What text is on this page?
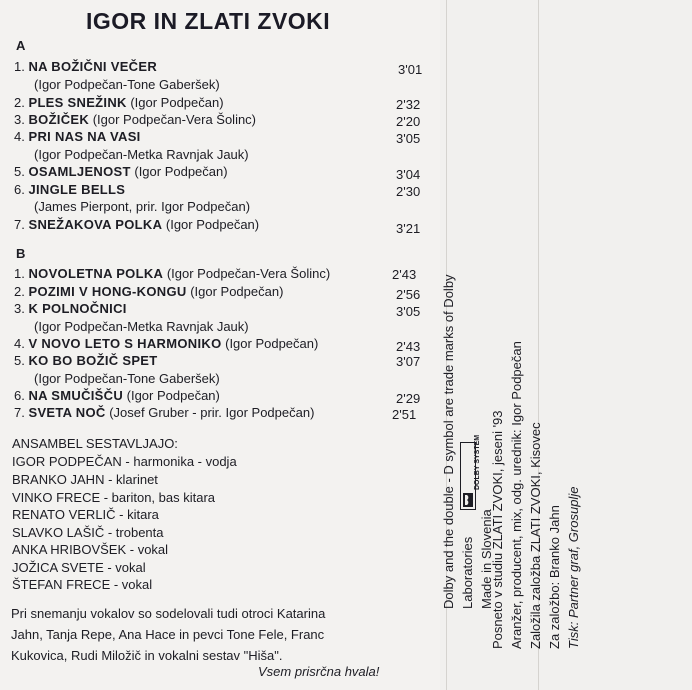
IGOR IN ZLATI ZVOKI
A
1. NA BOŽIČNI VEČER	3'01
(Igor Podpečan-Tone Gaberšek)
2. PLES SNEŽINK (Igor Podpečan)	2'32
3. BOŽIČEK (Igor Podpečan-Vera Šolinc)	2'20
4. PRI NAS NA VASI	3'05
(Igor Podpečan-Metka Ravnjak Jauk)
5. OSAMLJENOST (Igor Podpečan)	3'04
6. JINGLE BELLS	2'30
(James Pierpont, prir. Igor Podpečan)
7. SNEŽAKOVA POLKA (Igor Podpečan)	3'21
B
1. NOVOLETNA POLKA (Igor Podpečan-Vera Šolinc)	2'43
2. POZIMI V HONG-KONGU (Igor Podpečan)	2'56
3. K POLNOČNICI	3'05
(Igor Podpečan-Metka Ravnjak Jauk)
4. V NOVO LETO S HARMONIKO (Igor Podpečan)	2'43
5. KO BO BOŽIČ SPET	3'07
(Igor Podpečan-Tone Gaberšek)
6. NA SMUČIŠČU (Igor Podpečan)	2'29
7. SVETA NOČ (Josef Gruber - prir. Igor Podpečan)	2'51
ANSAMBEL SESTAVLJAJO:
IGOR PODPEČAN - harmonika - vodja
BRANKO JAHN - klarinet
VINKO FRECE - bariton, bas kitara
RENATO VERLIČ - kitara
SLAVKO LAŠIČ - trobenta
ANKA HRIBOVŠEK - vokal
JOŽICA SVETE - vokal
ŠTEFAN FRECE - vokal
Pri snemanju vokalov so sodelovali tudi otroci Katarina
Jahn, Tanja Repe, Ana Hace in pevci Tone Fele, Franc
Kukovica, Rudi Miložič in vokalni sestav "Hiša".
Vsem prisrčna hvala!
DOLBY SYSTEM
Dolby and the double - D symbol are trade marks of Dolby Laboratories Made in Slovenia
Posneto v studiu ZLATI ZVOKI, jeseni '93 Aranžer, producent, mix, odg. urednik: Igor Podpečan Založila založba ZLATI ZVOKI, Kisovec Za založbo: Branko Jahn Tisk: Partner graf, Grosuplje
